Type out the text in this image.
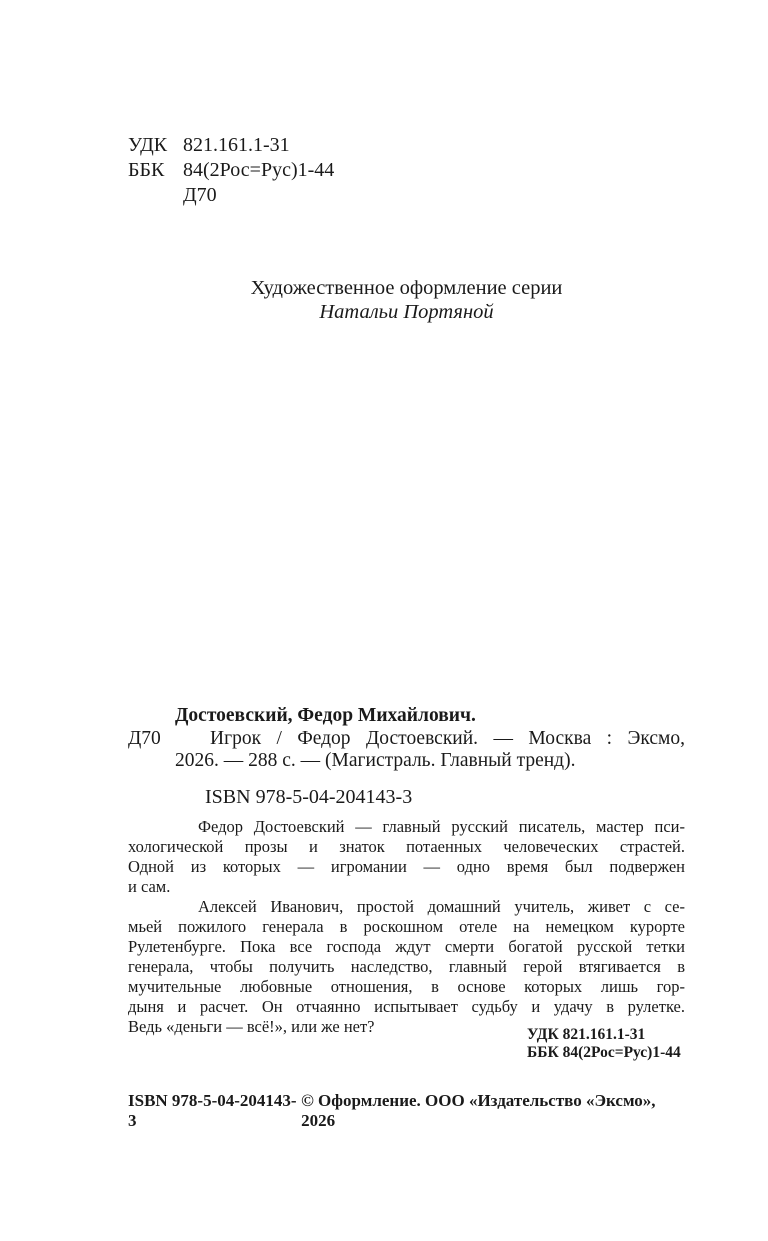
УДК 821.161.1-31
ББК 84(2Рос=Рус)1-44
Д70
Художественное оформление серии
Натальи Портяной
Достоевский, Федор Михайлович.
Д70	Игрок / Федор Достоевский. — Москва : Эксмо,
2026. — 288 с. — (Магистраль. Главный тренд).
ISBN 978-5-04-204143-3
Федор Достоевский — главный русский писатель, мастер пси-
хологической прозы и знаток потаенных человеческих страстей.
Одной из которых — игромании — одно время был подвержен
и сам.
Алексей Иванович, простой домашний учитель, живет с се-
мьей пожилого генерала в роскошном отеле на немецком курорте
Рулетенбурге. Пока все господа ждут смерти богатой русской тетки
генерала, чтобы получить наследство, главный герой втягивается в
мучительные любовные отношения, в основе которых лишь гор-
дыня и расчет. Он отчаянно испытывает судьбу и удачу в рулетке.
Ведь «деньги — всё!», или же нет?	УДК 821.161.1-31
ББК 84(2Рос=Рус)1-44
ISBN 978-5-04-204143-3
© Оформление. ООО «Издательство «Эксмо», 2026
